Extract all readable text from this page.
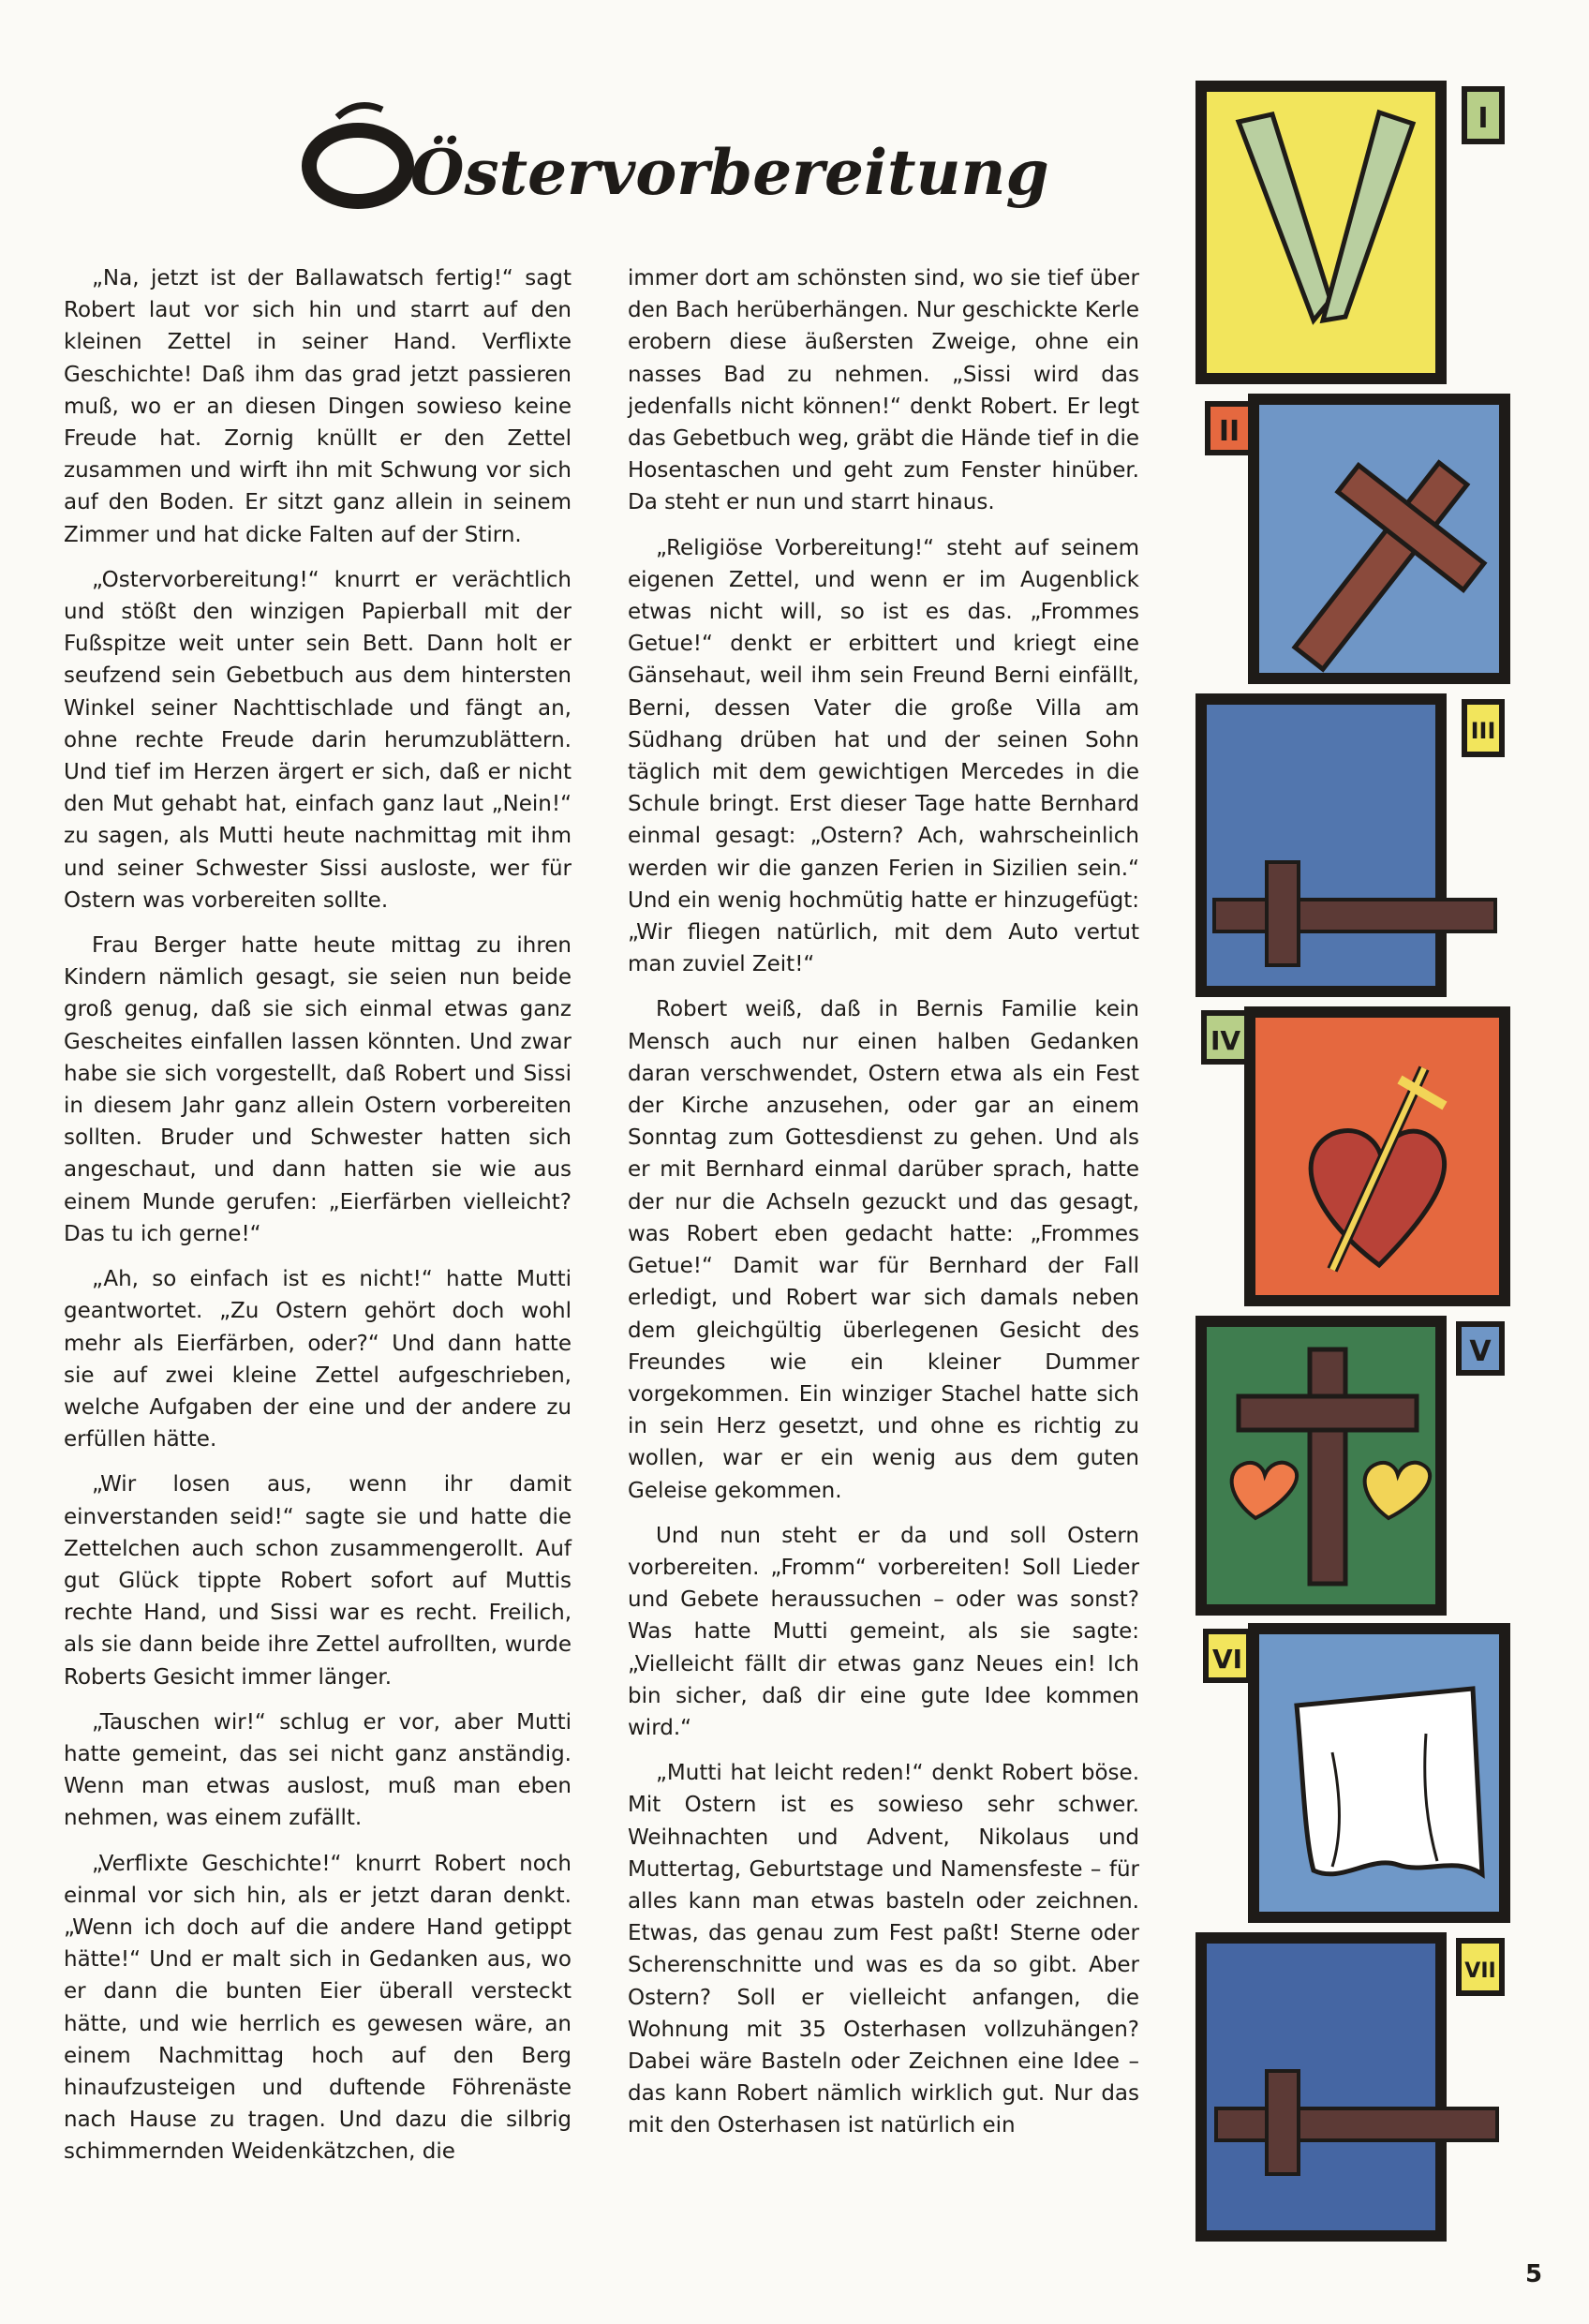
Östervorbereitung

„Na, jetzt ist der Ballawatsch fertig!“ sagt Robert laut vor sich hin und starrt auf den kleinen Zettel in seiner Hand. Verflixte Geschichte! Daß ihm das grad jetzt passieren muß, wo er an diesen Dingen sowieso keine Freude hat. Zornig knüllt er den Zettel zusammen und wirft ihn mit Schwung vor sich auf den Boden. Er sitzt ganz allein in seinem Zimmer und hat dicke Falten auf der Stirn.

„Ostervorbereitung!“ knurrt er verächtlich und stößt den winzigen Papierball mit der Fußspitze weit unter sein Bett. Dann holt er seufzend sein Gebetbuch aus dem hintersten Winkel seiner Nachttischlade und fängt an, ohne rechte Freude darin herumzublättern. Und tief im Herzen ärgert er sich, daß er nicht den Mut gehabt hat, einfach ganz laut „Nein!“ zu sagen, als Mutti heute nachmittag mit ihm und seiner Schwester Sissi ausloste, wer für Ostern was vorbereiten sollte.

Frau Berger hatte heute mittag zu ihren Kindern nämlich gesagt, sie seien nun beide groß genug, daß sie sich einmal etwas ganz Gescheites einfallen lassen könnten. Und zwar habe sie sich vorgestellt, daß Robert und Sissi in diesem Jahr ganz allein Ostern vorbereiten sollten. Bruder und Schwester hatten sich angeschaut, und dann hatten sie wie aus einem Munde gerufen: „Eierfärben vielleicht? Das tu ich gerne!“

„Ah, so einfach ist es nicht!“ hatte Mutti geantwortet. „Zu Ostern gehört doch wohl mehr als Eierfärben, oder?“ Und dann hatte sie auf zwei kleine Zettel aufgeschrieben, welche Aufgaben der eine und der andere zu erfüllen hätte.

„Wir losen aus, wenn ihr damit einverstanden seid!“ sagte sie und hatte die Zettelchen auch schon zusammengerollt. Auf gut Glück tippte Robert sofort auf Muttis rechte Hand, und Sissi war es recht. Freilich, als sie dann beide ihre Zettel aufrollten, wurde Roberts Gesicht immer länger.

„Tauschen wir!“ schlug er vor, aber Mutti hatte gemeint, das sei nicht ganz anständig. Wenn man etwas auslost, muß man eben nehmen, was einem zufällt.

„Verflixte Geschichte!“ knurrt Robert noch einmal vor sich hin, als er jetzt daran denkt. „Wenn ich doch auf die andere Hand getippt hätte!“ Und er malt sich in Gedanken aus, wo er dann die bunten Eier überall versteckt hätte, und wie herrlich es gewesen wäre, an einem Nachmittag hoch auf den Berg hinaufzusteigen und duftende Föhrenäste nach Hause zu tragen. Und dazu die silbrig schimmernden Weidenkätzchen, die

immer dort am schönsten sind, wo sie tief über den Bach herüberhängen. Nur geschickte Kerle erobern diese äußersten Zweige, ohne ein nasses Bad zu nehmen. „Sissi wird das jedenfalls nicht können!“ denkt Robert. Er legt das Gebetbuch weg, gräbt die Hände tief in die Hosentaschen und geht zum Fenster hinüber. Da steht er nun und starrt hinaus.

„Religiöse Vorbereitung!“ steht auf seinem eigenen Zettel, und wenn er im Augenblick etwas nicht will, so ist es das. „Frommes Getue!“ denkt er erbittert und kriegt eine Gänsehaut, weil ihm sein Freund Berni einfällt, Berni, dessen Vater die große Villa am Südhang drüben hat und der seinen Sohn täglich mit dem gewichtigen Mercedes in die Schule bringt. Erst dieser Tage hatte Bernhard einmal gesagt: „Ostern? Ach, wahrscheinlich werden wir die ganzen Ferien in Sizilien sein.“ Und ein wenig hochmütig hatte er hinzugefügt: „Wir fliegen natürlich, mit dem Auto vertut man zuviel Zeit!“

Robert weiß, daß in Bernis Familie kein Mensch auch nur einen halben Gedanken daran verschwendet, Ostern etwa als ein Fest der Kirche anzusehen, oder gar an einem Sonntag zum Gottesdienst zu gehen. Und als er mit Bernhard einmal darüber sprach, hatte der nur die Achseln gezuckt und das gesagt, was Robert eben gedacht hatte: „Frommes Getue!“ Damit war für Bernhard der Fall erledigt, und Robert war sich damals neben dem gleichgültig überlegenen Gesicht des Freundes wie ein kleiner Dummer vorgekommen. Ein winziger Stachel hatte sich in sein Herz gesetzt, und ohne es richtig zu wollen, war er ein wenig aus dem guten Geleise gekommen.

Und nun steht er da und soll Ostern vorbereiten. „Fromm“ vorbereiten! Soll Lieder und Gebete heraussuchen – oder was sonst? Was hatte Mutti gemeint, als sie sagte: „Vielleicht fällt dir etwas ganz Neues ein! Ich bin sicher, daß dir eine gute Idee kommen wird.“

„Mutti hat leicht reden!“ denkt Robert böse. Mit Ostern ist es sowieso sehr schwer. Weihnachten und Advent, Nikolaus und Muttertag, Geburtstage und Namensfeste – für alles kann man etwas basteln oder zeichnen. Etwas, das genau zum Fest paßt! Sterne oder Scherenschnitte und was es da so gibt. Aber Ostern? Soll er vielleicht anfangen, die Wohnung mit 35 Osterhasen vollzuhängen? Dabei wäre Basteln oder Zeichnen eine Idee – das kann Robert nämlich wirklich gut. Nur das mit den Osterhasen ist natürlich ein

I
II
III
IV
V
VI
VII
5
